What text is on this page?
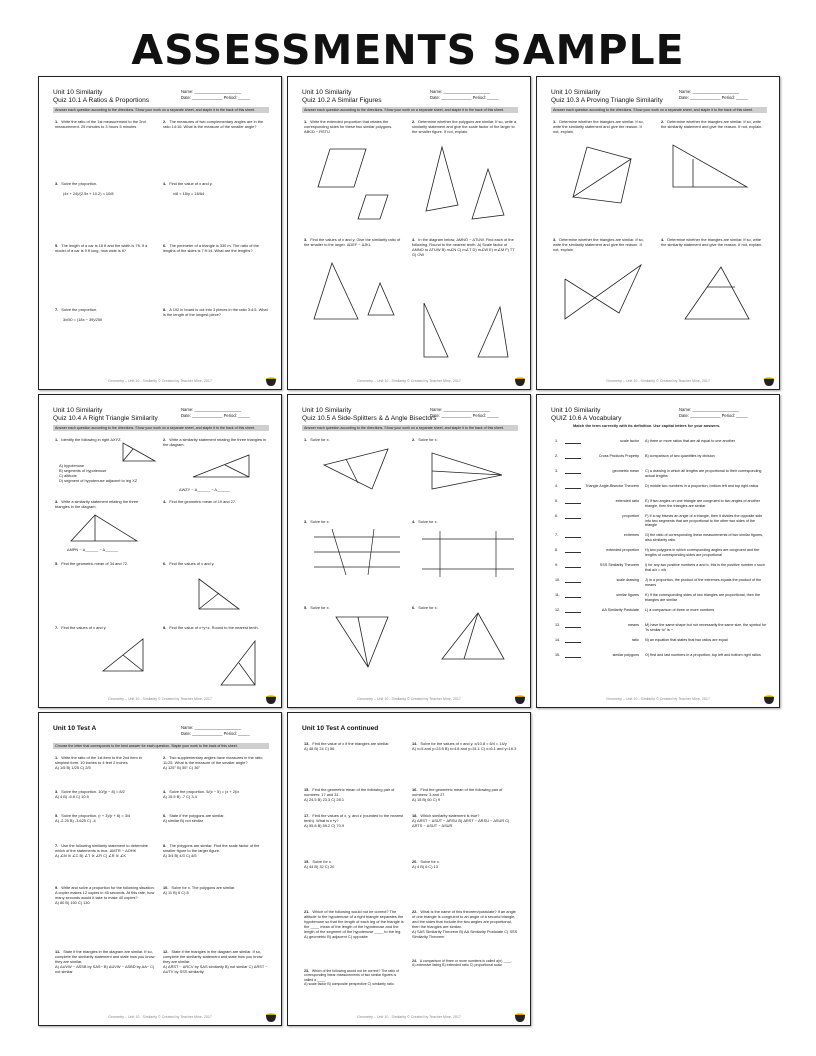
ASSESSMENTS SAMPLE
Unit 10 Similarity
Quiz 10.1 A Ratios & Proportions
Name: ____________________
Date: _____________ Period: _____
Answer each question according to the directions. Show your work on a separate sheet, and staple it to the back of this sheet.
1. Write the ratio of the 1st measurement to the 2nd measurement. 25 minutes to 3 hours 5 minutes
2. The measures of two complementary angles are in the ratio 14:16. What is the measure of the smaller angle?
3. Solve the proportion.
(4x + 24)/(2.5x + 10.2) = 10/8
4. Find the value of x and y.
x/8 = 15/y = 16/64
5. The length of a car is 18 ft and the width is 7ft. If a model of a car is 9 ft long, how wide is it?
6. The perimeter of a triangle is 330 m. The ratio of the lengths of the sides is 7:9:14. What are the lengths?
7. Solve the proportion.
3x/50 = (18x − 39)/250
8. A 192 in board is cut into 3 pieces in the ratio 3:4:5. What is the length of the longest piece?
Geometry – Unit 10 - Similarity © Created by Teacher Mine, 2017
Unit 10 Similarity
Quiz 10.2 A Similar Figures
Name: ____________________
Date: _____________ Period: _____
Answer each question according to the directions. Show your work on a separate sheet, and staple it to the back of this sheet.
1. Write the extended proportion that relates the corresponding sides for these two similar polygons. ABCD ~ RSTU
2. Determine whether the polygons are similar. If so, write a similarity statement and give the scale factor of the larger to the smaller figure. If not, explain.
3. Find the values of x and y. Give the similarity ratio of the smaller to the larger. ΔDEF ~ ΔJKL
4. In the diagram below, ΔMNO ~ ΔTUW. Find each of the following. Round to the nearest tenth. A) Scale factor of ΔMNO to ΔTUW B) m∠N C) m∠T D) m∠W E) m∠M F) TT G) OW
Geometry – Unit 10 - Similarity © Created by Teacher Mine, 2017
Unit 10 Similarity
Quiz 10.3 A Proving Triangle Similarity
Name: ____________________
Date: _____________ Period: _____
Answer each question according to the directions. Show your work on a separate sheet, and staple it to the back of this sheet.
1. Determine whether the triangles are similar. If so, write the similarity statement and give the reason. If not, explain.
2. Determine whether the triangles are similar. If so, write the similarity statement and give the reason. If not, explain.
3. Determine whether the triangles are similar. If so, write the similarity statement and give the reason. If not, explain.
4. Determine whether the triangles are similar. If so, write the similarity statement and give the reason. If not, explain.
Geometry – Unit 10 - Similarity © Created by Teacher Mine, 2017
Unit 10 Similarity
Quiz 10.4 A Right Triangle Similarity
Name: ____________________
Date: _____________ Period: _____
Answer each question according to the directions. Show your work on a separate sheet, and staple it to the back of this sheet.
1. Identify the following in right ΔXYZ.
A) hypotenuse
B) segments of hypotenuse
C) altitude
D) segment of hypotenuse adjacent to leg XZ
2. Write a similarity statement relating the three triangles in the diagram.
ΔWZY ~ Δ______ ~ Δ______
3. Write a similarity statement relating the three triangles in the diagram.
ΔMPN ~ Δ______ ~ Δ______
4. Find the geometric mean of 19 and 27.
5. Find the geometric mean of 34 and 72.	6. Find the values of x and y.
7. Find the values of x and y.	8. Find the value of x+y+z. Round to the nearest tenth.
Geometry – Unit 10 - Similarity © Created by Teacher Mine, 2017
Unit 10 Similarity
Quiz 10.5 A Side-Splitters & Δ Angle Bisectors
Name: ____________________
Date: _____________ Period: _____
Answer each question according to the directions. Show your work on a separate sheet, and staple it to the back of this sheet.
1. Solve for x.	2. Solve for x.
3. Solve for x.	4. Solve for x.
5. Solve for x.	6. Solve for x.
Geometry – Unit 10 - Similarity © Created by Teacher Mine, 2017
Unit 10 Similarity
QUIZ 10.6 A Vocabulary
Name: ____________________
Date: _____________ Period: _____
Match the term correctly with its definition. Use capital letters for your answers.
1.	scale factor A) three or more ratios that are all equal to one another
2.	Cross Products Property B) comparison of two quantities by division
3.	geometric mean C) a drawing in which all lengths are proportional to their corresponding actual lengths
4.	Triangle Angle-Bisector Theorem D) middle two numbers in a proportion, bottom left and top right ratios
5.	extended ratio E) If two angles on one triangle are congruent to two angles of another triangle, then the triangles are similar
6.	proportion F) If a ray bisects an angle of a triangle, then it divides the opposite side into two segments that are proportional to the other two sides of the triangle
7.	extremes G) the ratio of corresponding linear measurements of two similar figures, also similarity ratio
8.	extended proportion H) two polygons in which corresponding angles are congruent and the lengths of corresponding sides are proportional
9.	SSS Similarity Theorem I) for any two positive numbers a and b, this is the positive number x such that a/x = x/b
10.	scale drawing J) in a proportion, the product of the extremes equals the product of the means
11.	similar figures K) If the corresponding sides of two triangles are proportional, then the triangles are similar
12.	AA Similarity Postulate L) a comparison of three or more numbers
13.	means M) have the same shape but not necessarily the same size, the symbol for "is similar to" is ~
14.	ratio N) an equation that states that two ratios are equal
15.	similar polygons O) first and last numbers in a proportion, top left and bottom right ratios
Geometry – Unit 10 - Similarity © Created by Teacher Mine, 2017
Unit 10 Test A	Name: ____________________
Date: _____________ Period: _____
Choose the letter that corresponds to the best answer for each question. Staple your work to the back of this sheet.
1. Write the ratio of the 1st item to the 2nd item in simplest form. 10 inches to 4 feet 2 inches
A) 1/5 B) 1/25 C) 2/5
2. Two supplementary angles have measures in the ratio 11:25. What is the measure of the smaller angle?
A) 125° B) 55° C) 36°
3. Solve the proportion. 10/(p − 8) = 8/2
A) 4 B) -6.8 C) 10.5
4. Solve the proportion. 5/(x − 5) = (x + 2)/x
A) 15.5 B) -7 C) 3.4
5. Solve the proportion. (r + 3)/(r + 6) = 3/4
A) -2.25 B) -3.625 C) -4
6. State if the polygons are similar.
A) similar B) not similar
7. Use the following similarity statement to determine which of the statements is true. ΔMTR ~ ΔOHK
A) ∠M ≅ ∠C B) ∠T ≅ ∠R C) ∠R ≅ ∠K
8. The polygons are similar. Find the scale factor of the smaller figure to the larger figure.
A) 3/4 B) 4/3 C) 4/5
9. Write and solve a proportion for the following situation. A copier makes 12 copies in 45 seconds. At this rate, how many seconds would it take to make 40 copies?
A) 80 B) 150 C) 130
10. Solve for x. The polygons are similar.
A) 11 B) 6 C) 8
11. State if the triangles in the diagram are similar. If so, complete the similarity statement and state how you know they are similar.
A) ΔUVW ~ ΔSSB by SAS~ B) ΔUVW ~ ΔSBD by AA~ C) not similar
12. State if the triangles in the diagram are similar. If so, complete the similarity statement and state how you know they are similar.
A) ΔRST ~ ΔRCV by SAS similarity B) not similar C) ΔRST ~ ΔUTV by SSS similarity
Geometry – Unit 10 - Similarity © Created by Teacher Mine, 2017
Unit 10 Test A continued
13. Find the value of x if the triangles are similar.
A) 48 B) 24 C) 56
14. Solve for the values of x and y. x/10.8 = 6/4 = 14/y
A) x=5 and y=23.5 B) x=4.8 and y=31.1 C) x=6.1 and y=16.3
15. Find the geometric mean of the following pair of numbers: 17 and 31.
A) 24.5 B) 23.3 C) 28.1
16. Find the geometric mean of the following pair of numbers: 3 and 27.
A) 15 B) 60 C) 9
17. Find the values of x, y, and z (rounded to the nearest tenth). What is x+y?
A) 55.8 B) 59.2 C) 70.9
18. Which similarity statement is true?
A) ΔRST ~ ΔSUT ~ ΔRSU B) ΔRST ~ ΔRSU ~ ΔSUR C) ΔRTS ~ ΔSUT ~ ΔSUR
19. Solve for x.
A) 44 B) 32 C) 20
20. Solve for x.
A) 4 B) 6 C) 13
21. Which of the following would not be correct? The altitude to the hypotenuse of a right triangle separates the hypotenuse so that the length of each leg of the triangle is the ____ mean of the length of the hypotenuse and the length of the segment of the hypotenuse ____ to the leg.
A) geometric B) adjacent C) opposite
22. What is the name of this theorem/postulate? If an angle of one triangle is congruent to an angle of a second triangle, and the sides that include the two angles are proportional, then the triangles are similar.
A) SAS Similarity Theorem B) AA Similarity Postulate C) SSS Similarity Theorem
23. Which of the following would not be correct? The ratio of corresponding linear measurements of two similar figures is called a ____.
A) scale factor B) composite perspective C) similarity ratio
24. A comparison of three or more numbers is called a(n) ____.
A) extensive listing B) extended ratio C) proportional scale
Geometry – Unit 10 - Similarity © Created by Teacher Mine, 2017
